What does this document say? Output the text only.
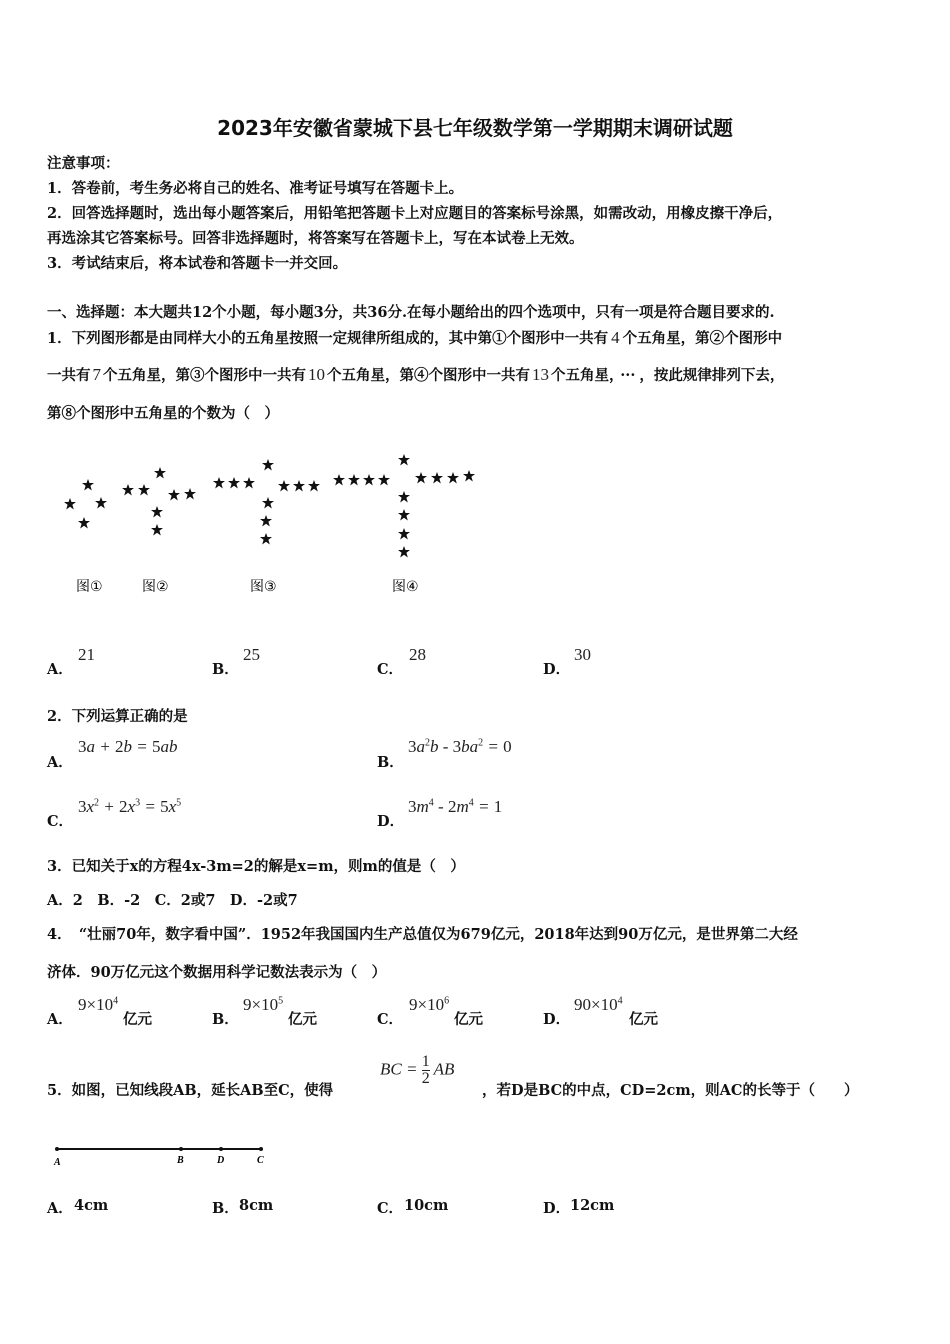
2023年安徽省蒙城下县七年级数学第一学期期末调研试题
注意事项：
1．答卷前，考生务必将自己的姓名、准考证号填写在答题卡上。
2．回答选择题时，选出每小题答案后，用铅笔把答题卡上对应题目的答案标号涂黑，如需改动，用橡皮擦干净后，
再选涂其它答案标号。回答非选择题时，将答案写在答题卡上，写在本试卷上无效。
3．考试结束后，将本试卷和答题卡一并交回。
一、选择题：本大题共12个小题，每小题3分，共36分.在每小题给出的四个选项中，只有一项是符合题目要求的.
1．下列图形都是由同样大小的五角星按照一定规律所组成的，其中第①个图形中一共有 4 个五角星，第②个图形中
一共有 7 个五角星，第③个图形中一共有 10 个五角星，第④个图形中一共有 13 个五角星， ··· ，按此规律排列下去，
第⑧个图形中五角星的个数为（　）
图①	图②	图③	图④
A．
21
B．
25
C．
28
D．
30
2．下列运算正确的是
A．
3a + 2b = 5ab
B．
$3a^2b - 3ba^2 = 0$
C．
$3x^2 + 2x^3 = 5x^5$
D．
$3m^4 - 2m^4 = 1$
3．已知关于x的方程4x-3m=2的解是x=m，则m的值是（　）
A．2　B．-2　C．2或7　D．-2或7
4．　“壮丽70年，数字看中国”．1952年我国国内生产总值仅为679亿元，2018年达到90万亿元，是世界第二大经
济体．90万亿元这个数据用科学记数法表示为（　）
A．
$9\times 10^4$
亿元	B．
$9\times 10^5$
亿元	C．
$9\times 10^6$
亿元	D．
$90\times 10^4$
亿元
5．如图，已知线段AB，延长AB至C，使得
BC = $\frac{1}{2}$ AB
，若D是BC的中点，CD=2cm，则AC的长等于（　　）
A	B	D	C
A． 4cm	B． 8cm	C． 10cm	D． 12cm
